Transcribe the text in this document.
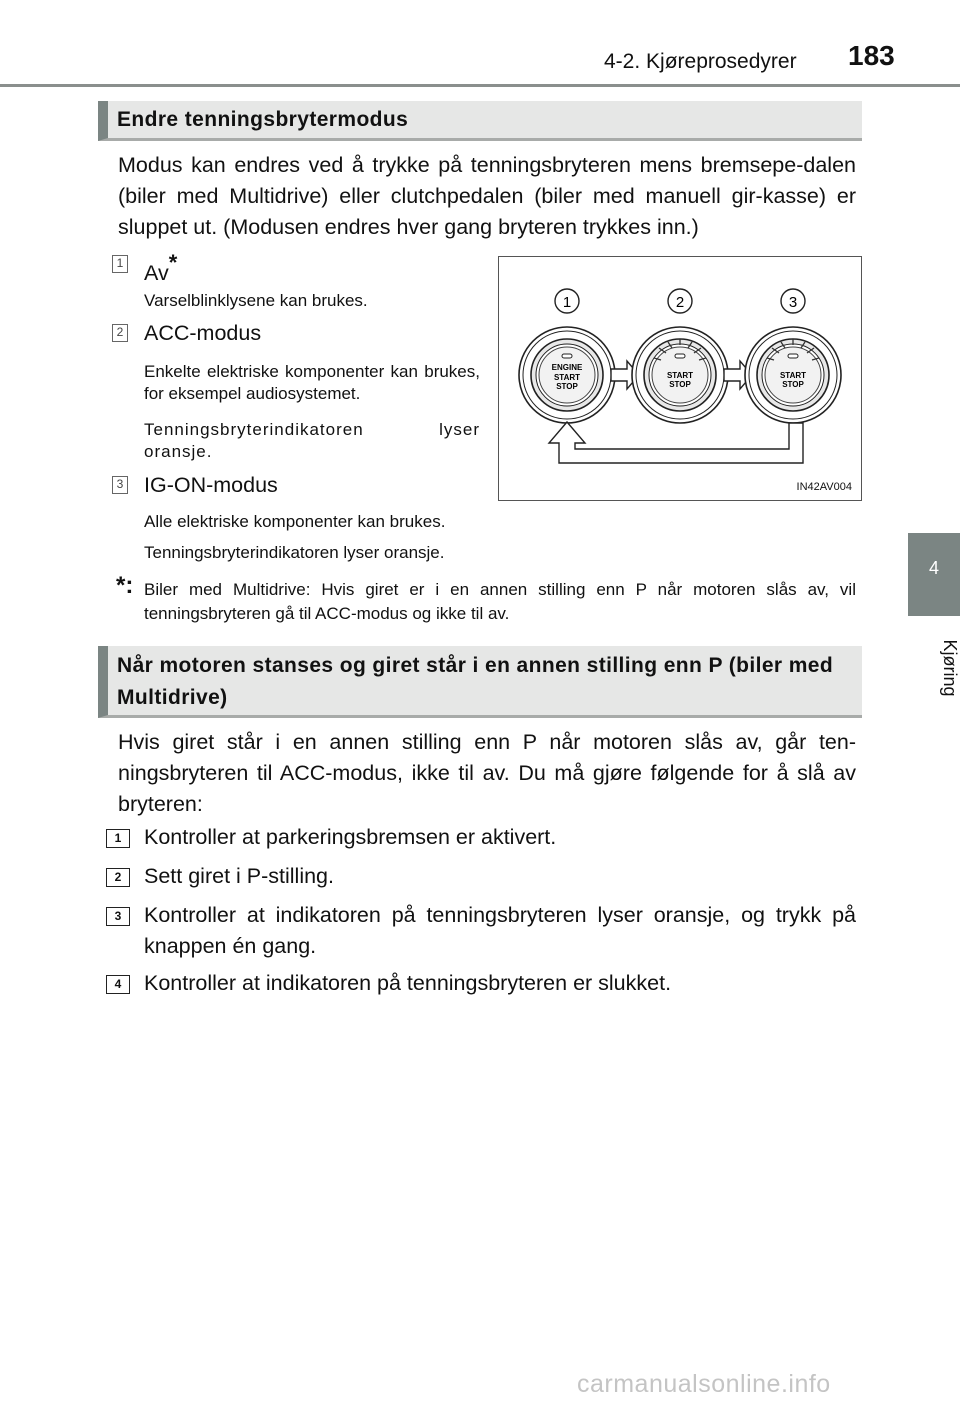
4-2. Kjøreprosedyrer 183
4
Kjøring
Endre tenningsbrytermodus
Modus kan endres ved å trykke på tenningsbryteren mens bremsepe-dalen (biler med Multidrive) eller clutchpedalen (biler med manuell gir-kasse) er sluppet ut. (Modusen endres hver gang bryteren trykkes inn.)
1 Av*
Varselblinklysene kan brukes.
2 ACC-modus
Enkelte elektriske komponenter kan brukes, for eksempel audiosystemet.
Tenningsbryterindikatoren lyser oransje.
3 IG-ON-modus
Alle elektriske komponenter kan brukes.
Tenningsbryterindikatoren lyser oransje.
*: Biler med Multidrive: Hvis giret er i en annen stilling enn P når motoren slås av, vil tenningsbryteren gå til ACC-modus og ikke til av.
1	2	3
ENGINE
START
STOP
START
STOP
START
STOP
IN42AV004
Når motoren stanses og giret står i en annen stilling enn P (biler med Multidrive)
Hvis giret står i en annen stilling enn P når motoren slås av, går ten-ningsbryteren til ACC-modus, ikke til av. Du må gjøre følgende for å slå av bryteren:
1	Kontroller at parkeringsbremsen er aktivert.
2	Sett giret i P-stilling.
3	Kontroller at indikatoren på tenningsbryteren lyser oransje, og trykk på knappen én gang.
4	Kontroller at indikatoren på tenningsbryteren er slukket.
carmanualsonline.info
